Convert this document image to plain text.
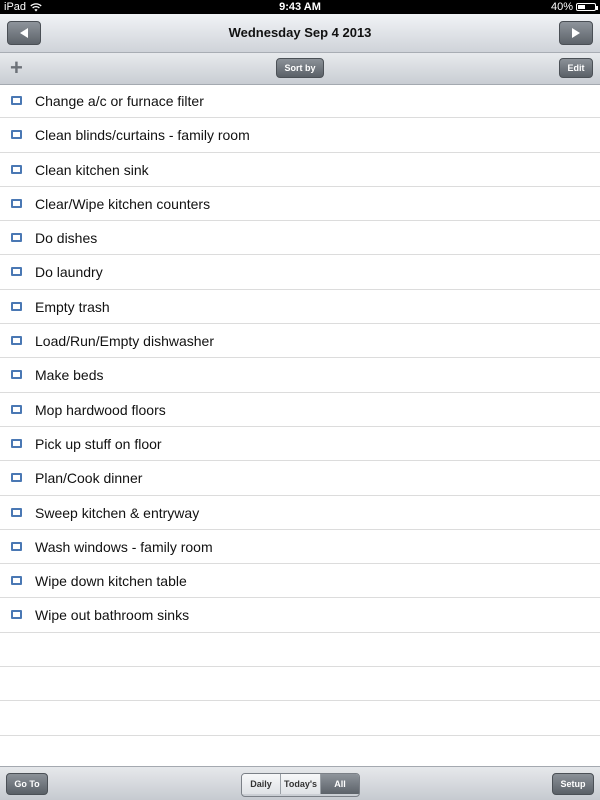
iPad	9:43 AM	40%
Wednesday Sep 4 2013
+	Sort by	Edit
Change a/c or furnace filter
Clean blinds/curtains - family room
Clean kitchen sink
Clear/Wipe kitchen counters
Do dishes
Do laundry
Empty trash
Load/Run/Empty dishwasher
Make beds
Mop hardwood floors
Pick up stuff on floor
Plan/Cook dinner
Sweep kitchen & entryway
Wash windows - family room
Wipe down kitchen table
Wipe out bathroom sinks
Go To	Daily	Today's	All	Setup
